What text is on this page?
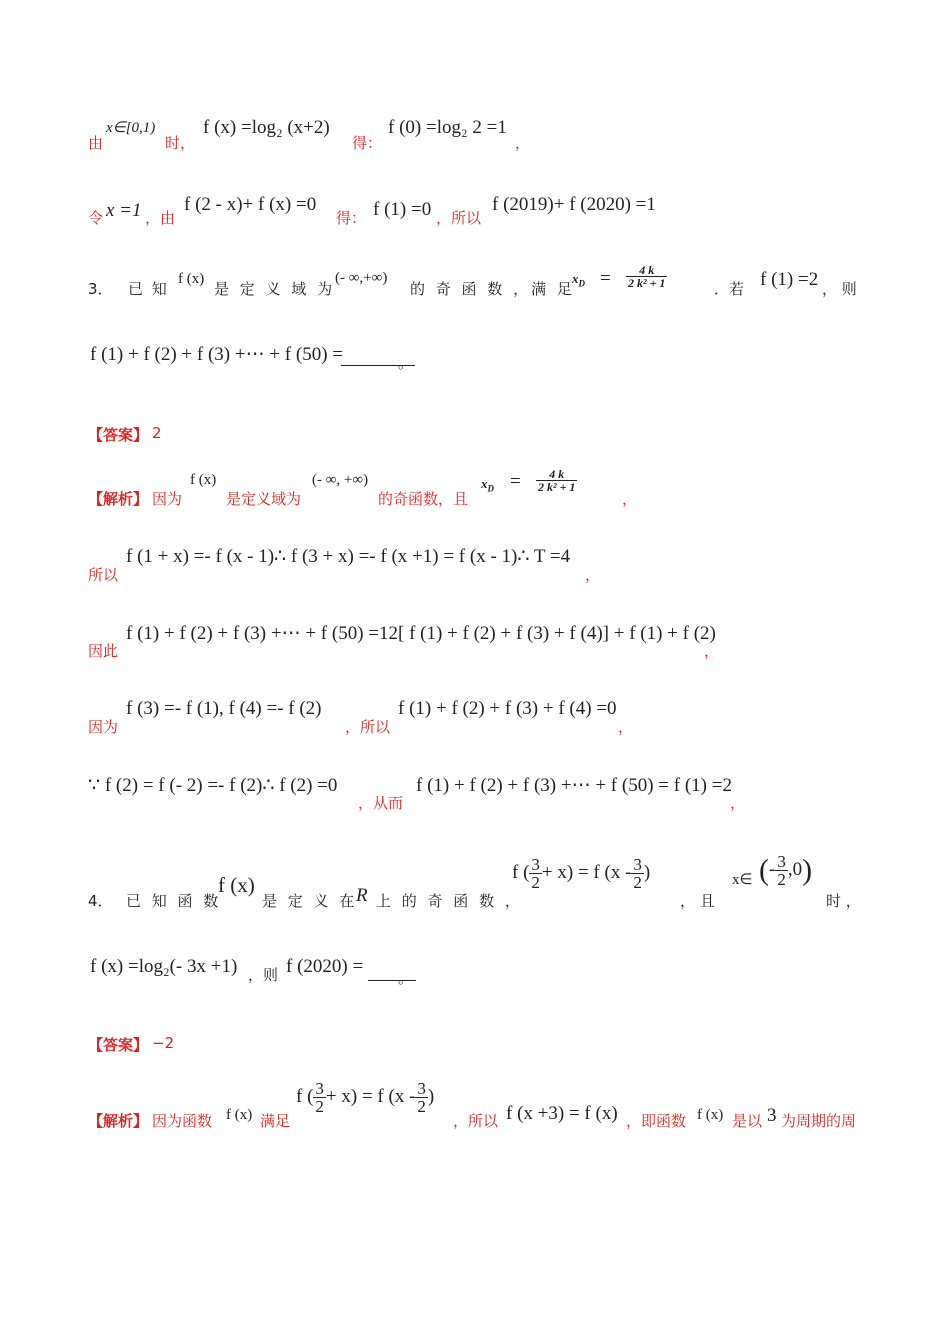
由
x∈[0,1)
时，
f (x) =log₂ (x+2)
得：
f (0) =log₂ 2 =1
，
令 x =1 ，由
f (2 - x)+ f (x) =0
得： f (1) =0 ，所以
f (2019)+ f (2020) =1
3． 已 知
f (x)
是 定 义 域 为
(- ∞,+∞)
的 奇 函 数 ，满 足
$x_D = \frac{4 k}{\text{2 k² + 1}}$	．若 f (1) =2 ， 则
f (1) + f (2) + f (3) +⋯ + f (50) =	。
【答案】 2
【解析】 因为
f (x)
是定义域为
(- ∞, +∞)
的奇函数，且
$x_D = \frac{4 k}{\text{2 k² + 1}}$
，
所以
f (1 + x) =- f (x - 1)∴ f (3 + x) =- f (x +1) = f (x - 1)∴ T =4
，
因此
f (1) + f (2) + f (3) +⋯ + f (50) =12[ f (1) + f (2) + f (3) + f (4)] + f (1) + f (2)
，
因为
f (3) =- f (1), f (4) =- f (2)
，所以
f (1) + f (2) + f (3) + f (4) =0
，
∵ f (2) = f (- 2) =- f (2)∴ f (2) =0
，从而
f (1) + f (2) + f (3) +⋯ + f (50) = f (1) =2
，
4． 已 知 函 数
f (x)
是 定 义 在
R 上 的 奇 函 数 ，
f ( $\frac{3}{2} + x) = f$ ($x - \frac{3}{2}$ )
， 且
x∈ (- $\frac{3}{2} ,0$)
时 ，
f (x) =log₂(- 3x +1) ，则 f (2020) =
。
【答案】 −2
【解析】 因为函数 f (x) 满足
f ( $\frac{3}{2} + x) = f$ ($x - \frac{3}{2}$ )
，所以 f (x +3) = f (x) ，即函数 f (x) 是以 3 为周期的周
